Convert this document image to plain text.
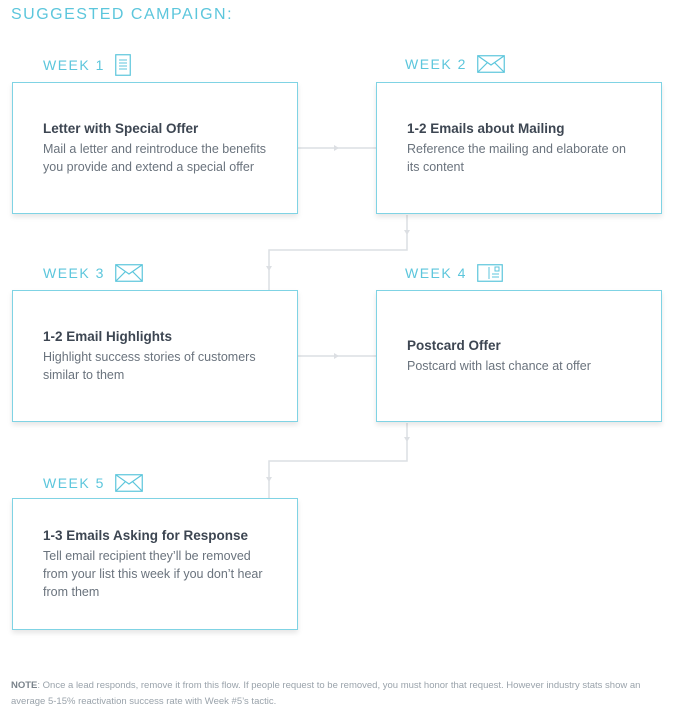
SUGGESTED CAMPAIGN:
WEEK 1
Letter with Special Offer
Mail a letter and reintroduce the benefits you provide and extend a special offer
WEEK 2
1-2 Emails about Mailing
Reference the mailing and elaborate on its content
WEEK 3
1-2 Email Highlights
Highlight success stories of customers similar to them
WEEK 4
Postcard Offer
Postcard with last chance at offer
WEEK 5
1-3 Emails Asking for Response
Tell email recipient they’ll be removed from your list this week if you don’t hear from them
NOTE: Once a lead responds, remove it from this flow. If people request to be removed, you must honor that request. However industry stats show an average 5-15% reactivation success rate with Week #5’s tactic.
